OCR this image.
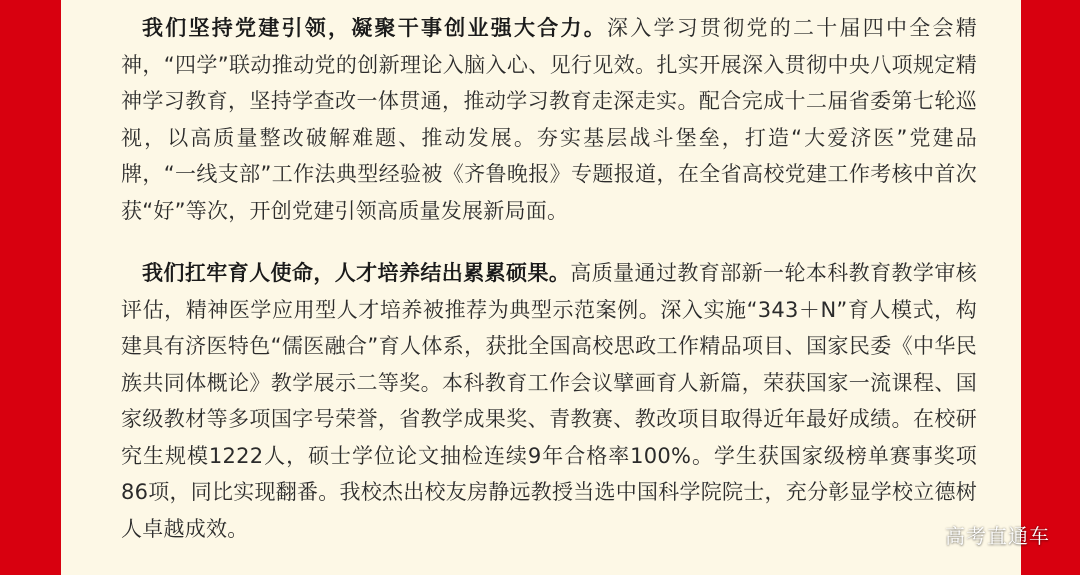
我们坚持党建引领，凝聚干事创业强大合力。深入学习贯彻党的二十届四中全会精神，“四学”联动推动党的创新理论入脑入心、见行见效。扎实开展深入贯彻中央八项规定精神学习教育，坚持学查改一体贯通，推动学习教育走深走实。配合完成十二届省委第七轮巡视，以高质量整改破解难题、推动发展。夯实基层战斗堡垒，打造“大爱济医”党建品牌，“一线支部”工作法典型经验被《齐鲁晚报》专题报道，在全省高校党建工作考核中首次获“好”等次，开创党建引领高质量发展新局面。

我们扛牢育人使命，人才培养结出累累硕果。高质量通过教育部新一轮本科教育教学审核评估，精神医学应用型人才培养被推荐为典型示范案例。深入实施“343＋N”育人模式，构建具有济医特色“儒医融合”育人体系，获批全国高校思政工作精品项目、国家民委《中华民族共同体概论》教学展示二等奖。本科教育工作会议擘画育人新篇，荣获国家一流课程、国家级教材等多项国字号荣誉，省教学成果奖、青教赛、教改项目取得近年最好成绩。在校研究生规模1222人，硕士学位论文抽检连续9年合格率100%。学生获国家级榜单赛事奖项86项，同比实现翻番。我校杰出校友房静远教授当选中国科学院院士，充分彰显学校立德树人卓越成效。	高考直通车
